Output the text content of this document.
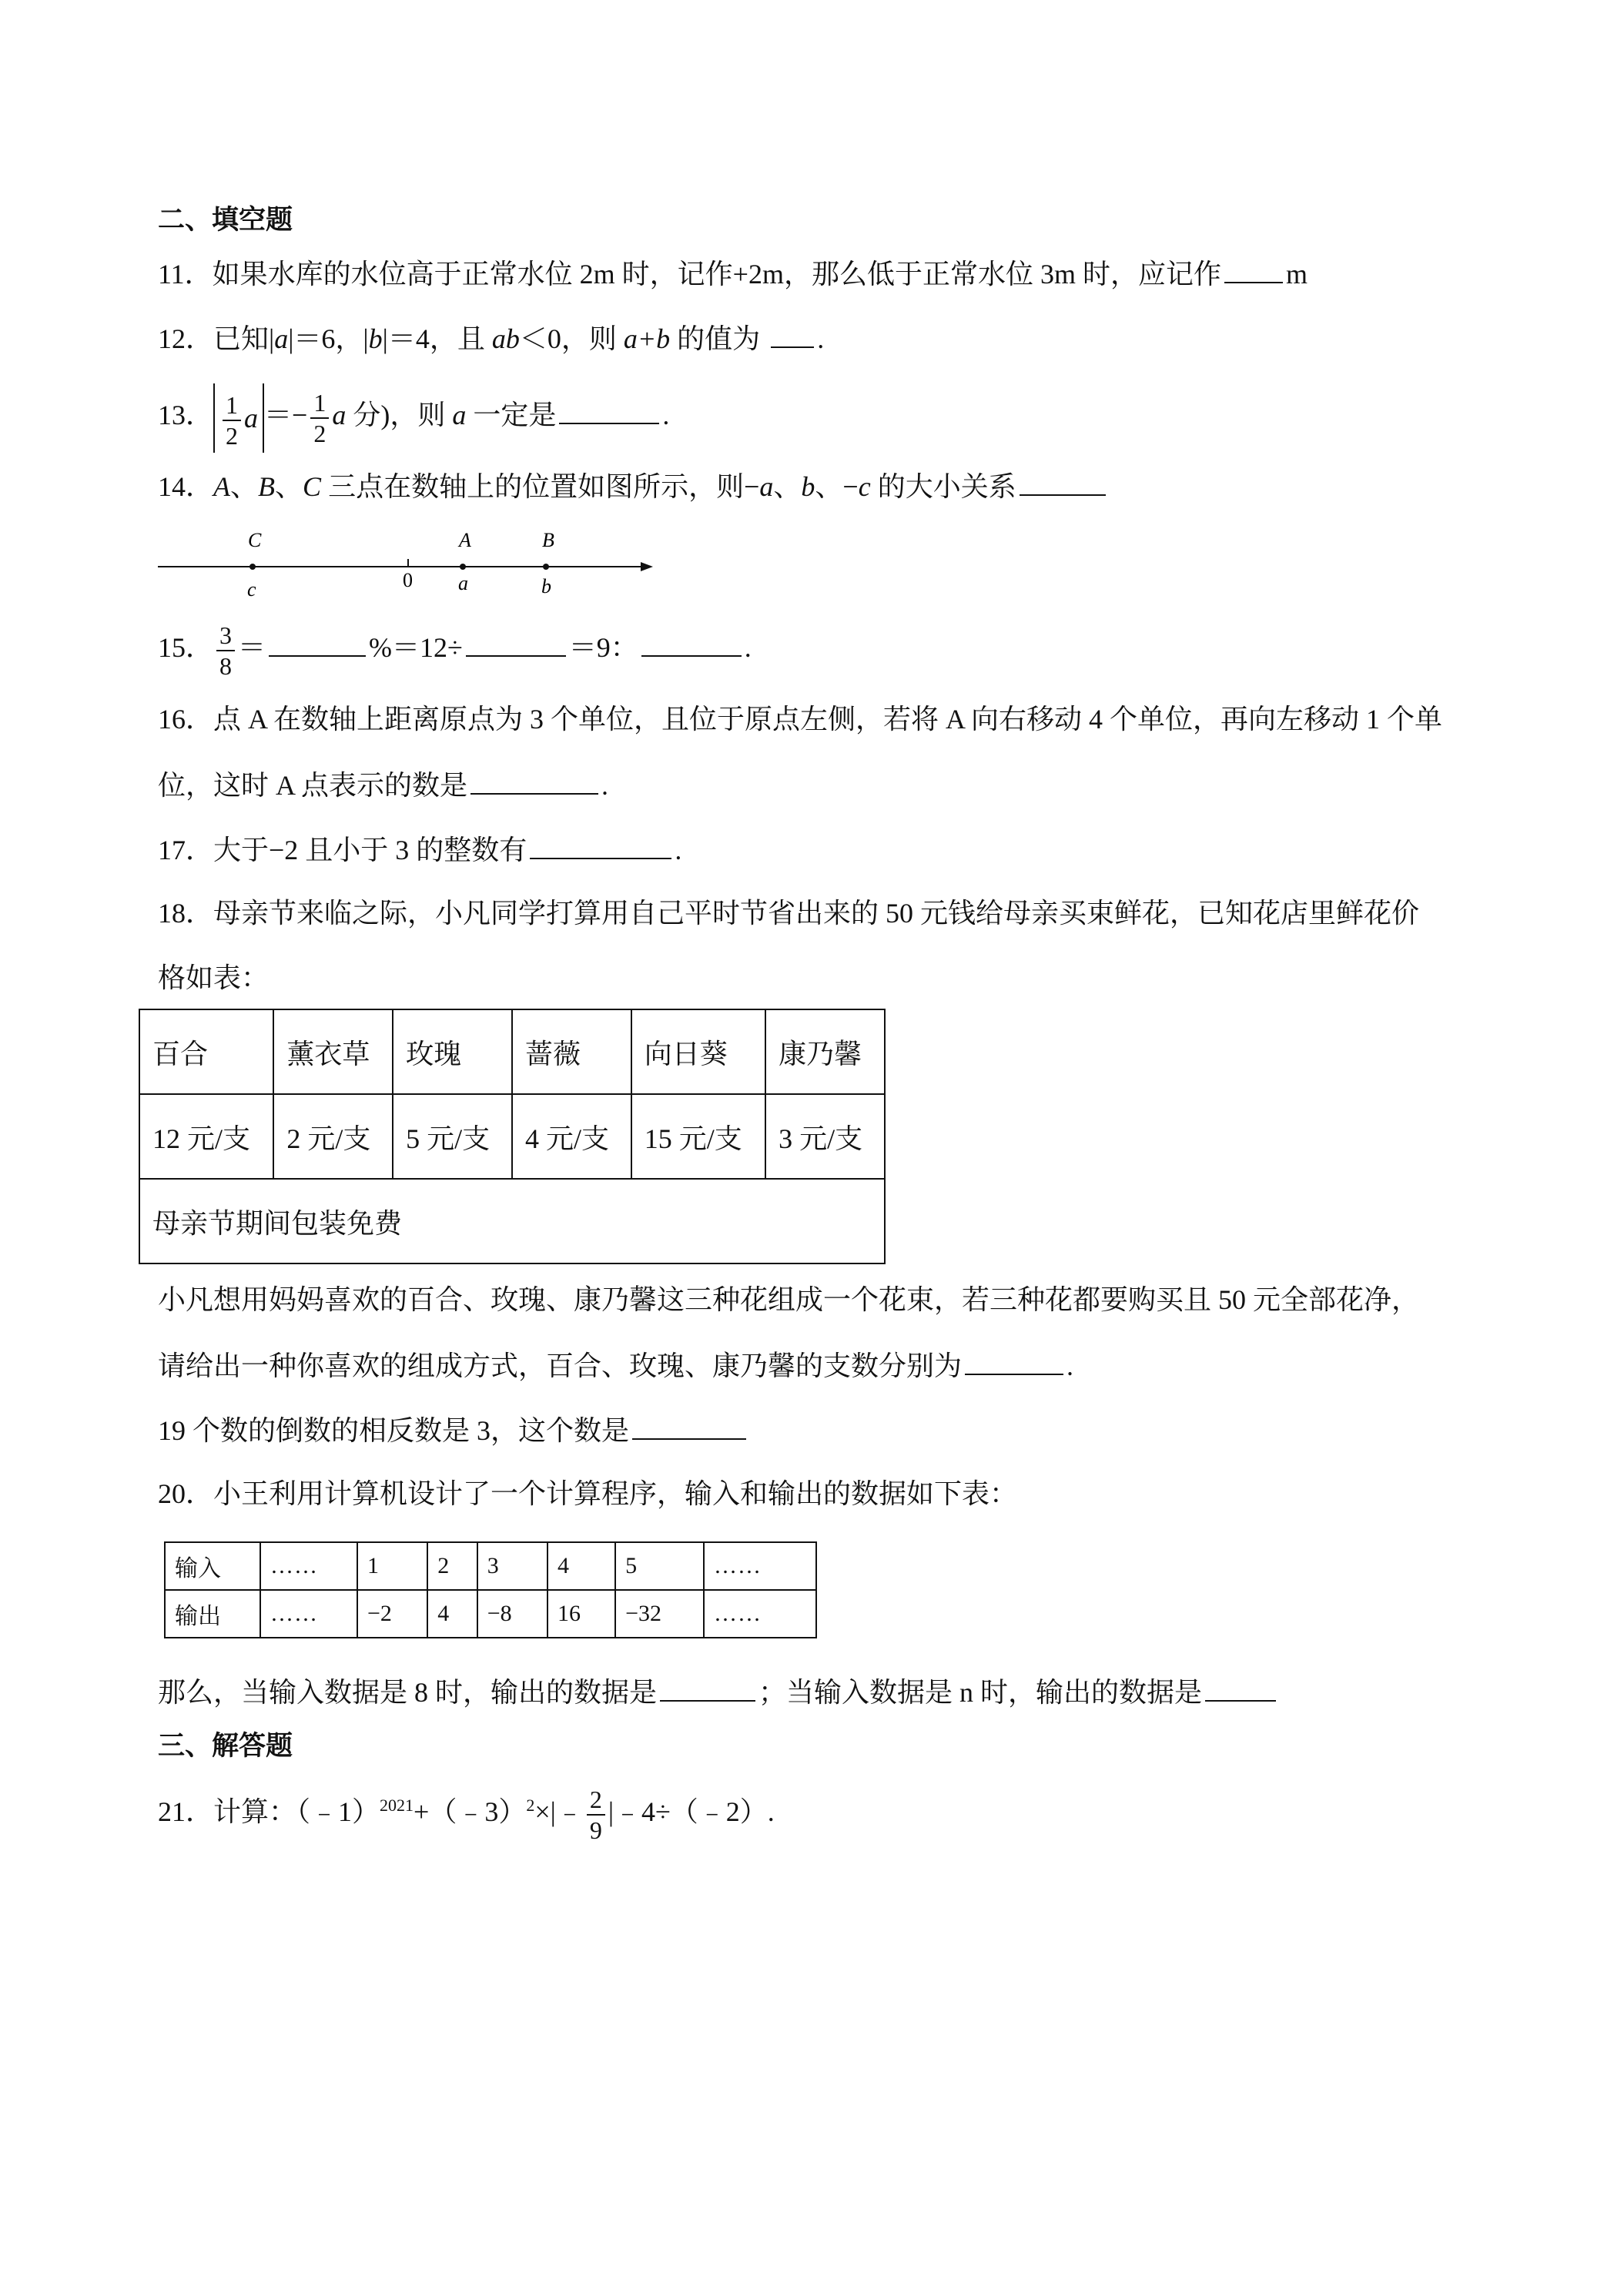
二、填空题
11．如果水库的水位高于正常水位 2m 时，记作+2m，那么低于正常水位 3m 时，应记作 m
12．已知|a|＝6，|b|＝4，且 ab＜0，则 a+b 的值为 .
13． $\frac{1}{2}$ $a =- \frac{1}{2}$ a 分)，则 a 一定是	.
14．A、B、C 三点在数轴上的位置如图所示，则−a、b、−c 的大小关系
C	A	B
c	0 a	b
15． $\frac{3}{8}$ ＝	%＝12÷	＝9：	.
16．点 A 在数轴上距离原点为 3 个单位，且位于原点左侧，若将 A 向右移动 4 个单位，再向左移动 1 个单
位，这时 A 点表示的数是	.
17．大于−2 且小于 3 的整数有	.
18．母亲节来临之际，小凡同学打算用自己平时节省出来的 50 元钱给母亲买束鲜花，已知花店里鲜花价
格如表：
百合	薰衣草	玫瑰	蔷薇	向日葵	康乃馨
12 元/支	2 元/支	5 元/支	4 元/支	15 元/支	3 元/支
母亲节期间包装免费					
小凡想用妈妈喜欢的百合、玫瑰、康乃馨这三种花组成一个花束，若三种花都要购买且 50 元全部花净，
请给出一种你喜欢的组成方式，百合、玫瑰、康乃馨的支数分别为	.
19 个数的倒数的相反数是 3，这个数是
20．小王利用计算机设计了一个计算程序，输入和输出的数据如下表：
输入	……	1	2	3	4	5	……
输出	……	−2	4	−8	16	−32	……
那么，当输入数据是 8 时，输出的数据是	；当输入数据是 n 时，输出的数据是
三、解答题
21．计算：（﹣1）$^{2021}$+（﹣3）$^2$×|﹣ $\frac{2}{9}$ |﹣4÷（﹣2）.
